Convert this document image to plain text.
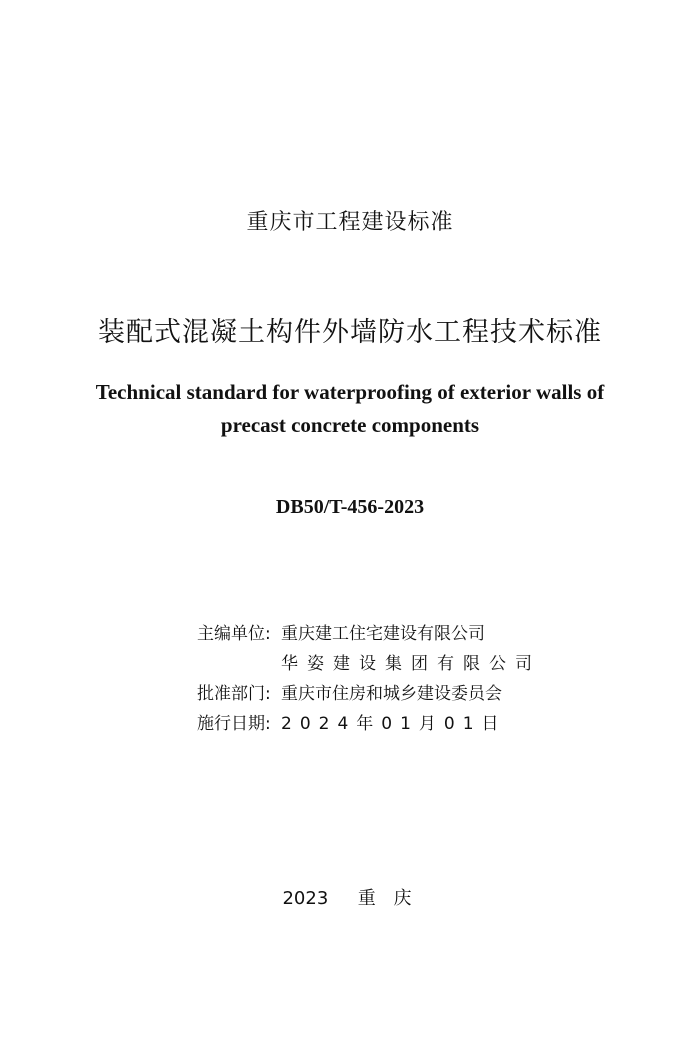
重庆市工程建设标准
装配式混凝土构件外墙防水工程技术标准
Technical standard for waterproofing of exterior walls of
precast concrete components
DB50/T-456-2023
主编单位: 重庆建工住宅建设有限公司
华姿建设集团有限公司
批准部门: 重庆市住房和城乡建设委员会
施行日期: 2024年01月01日
2023 重 庆
